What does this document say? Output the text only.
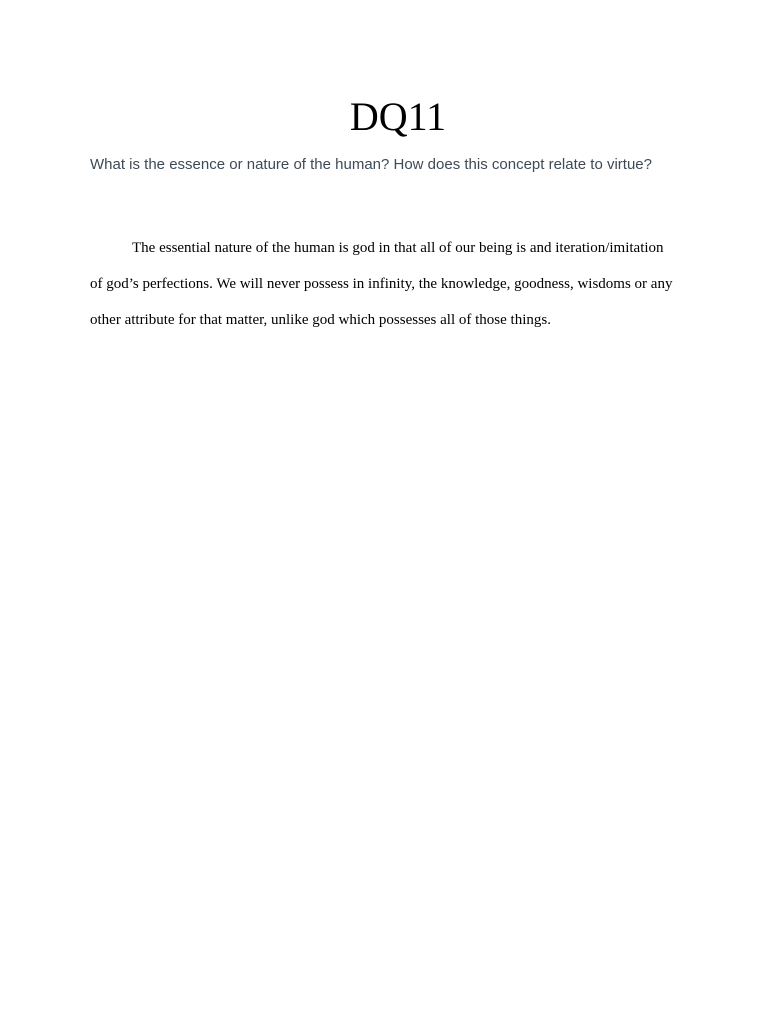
DQ11

What is the essence or nature of the human? How does this concept relate to virtue?

The essential nature of the human is god in that all of our being is and iteration/imitation
of god’s perfections. We will never possess in infinity, the knowledge, goodness, wisdoms or any
other attribute for that matter, unlike god which possesses all of those things.
